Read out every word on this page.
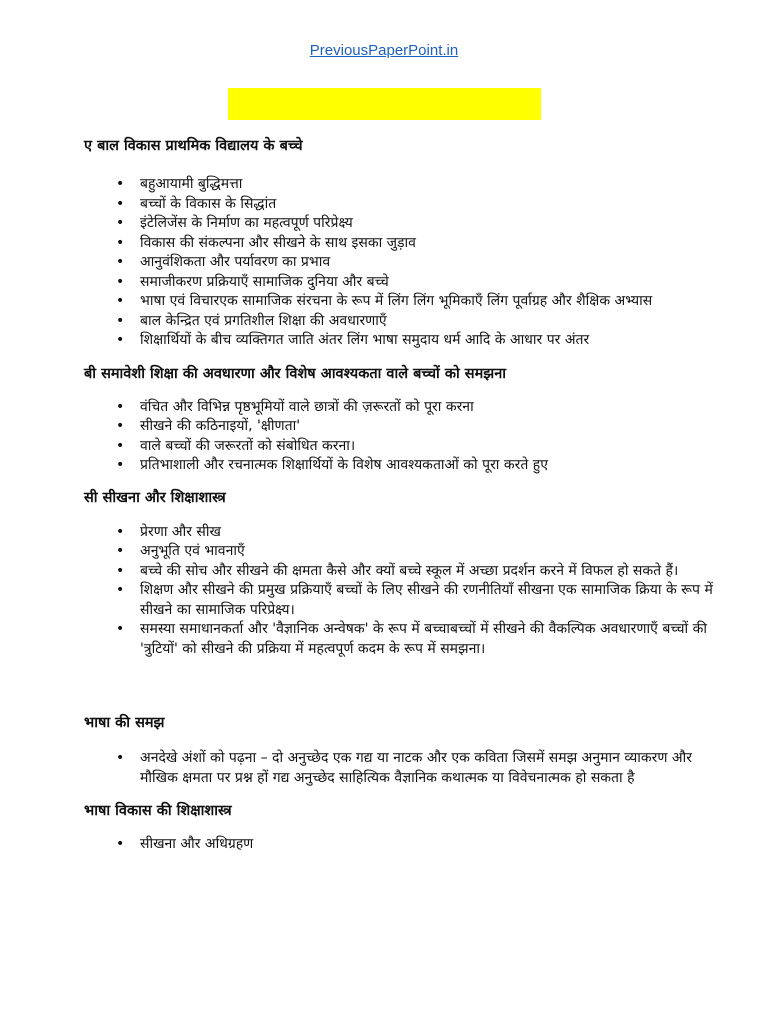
PreviousPaperPoint.in
ए बाल विकास प्राथमिक विद्यालय के बच्चे
• बहुआयामी बुद्धिमत्ता
• बच्चों के विकास के सिद्धांत
• इंटेलिजेंस के निर्माण का महत्वपूर्ण परिप्रेक्ष्य
• विकास की संकल्पना और सीखने के साथ इसका जुड़ाव
• आनुवंशिकता और पर्यावरण का प्रभाव
• समाजीकरण प्रक्रियाएँ सामाजिक दुनिया और बच्चे
• भाषा एवं विचारएक सामाजिक संरचना के रूप में लिंग लिंग भूमिकाएँ लिंग पूर्वाग्रह और शैक्षिक अभ्यास
• बाल केन्द्रित एवं प्रगतिशील शिक्षा की अवधारणाएँ
• शिक्षार्थियों के बीच व्यक्तिगत जाति अंतर लिंग भाषा समुदाय धर्म आदि के आधार पर अंतर
बी समावेशी शिक्षा की अवधारणा और विशेष आवश्यकता वाले बच्चों को समझना
• वंचित और विभिन्न पृष्ठभूमियों वाले छात्रों की ज़रूरतों को पूरा करना
• सीखने की कठिनाइयों, 'क्षीणता'
• वाले बच्चों की जरूरतों को संबोधित करना।
• प्रतिभाशाली और रचनात्मक शिक्षार्थियों के विशेष आवश्यकताओं को पूरा करते हुए
सी सीखना और शिक्षाशास्त्र
• प्रेरणा और सीख
• अनुभूति एवं भावनाएँ
• बच्चे की सोच और सीखने की क्षमता कैसे और क्यों बच्चे स्कूल में अच्छा प्रदर्शन करने में विफल हो सकते हैं।
• शिक्षण और सीखने की प्रमुख प्रक्रियाएँ बच्चों के लिए सीखने की रणनीतियाँ सीखना एक सामाजिक क्रिया के रूप में सीखने का सामाजिक परिप्रेक्ष्य।
• समस्या समाधानकर्ता और 'वैज्ञानिक अन्वेषक' के रूप में बच्चाबच्चों में सीखने की वैकल्पिक अवधारणाएँ बच्चों की 'त्रुटियों' को सीखने की प्रक्रिया में महत्वपूर्ण कदम के रूप में समझना।
भाषा की समझ
• अनदेखे अंशों को पढ़ना – दो अनुच्छेद एक गद्य या नाटक और एक कविता जिसमें समझ अनुमान व्याकरण और मौखिक क्षमता पर प्रश्न हों गद्य अनुच्छेद साहित्यिक वैज्ञानिक कथात्मक या विवेचनात्मक हो सकता है
भाषा विकास की शिक्षाशास्त्र
• सीखना और अधिग्रहण
